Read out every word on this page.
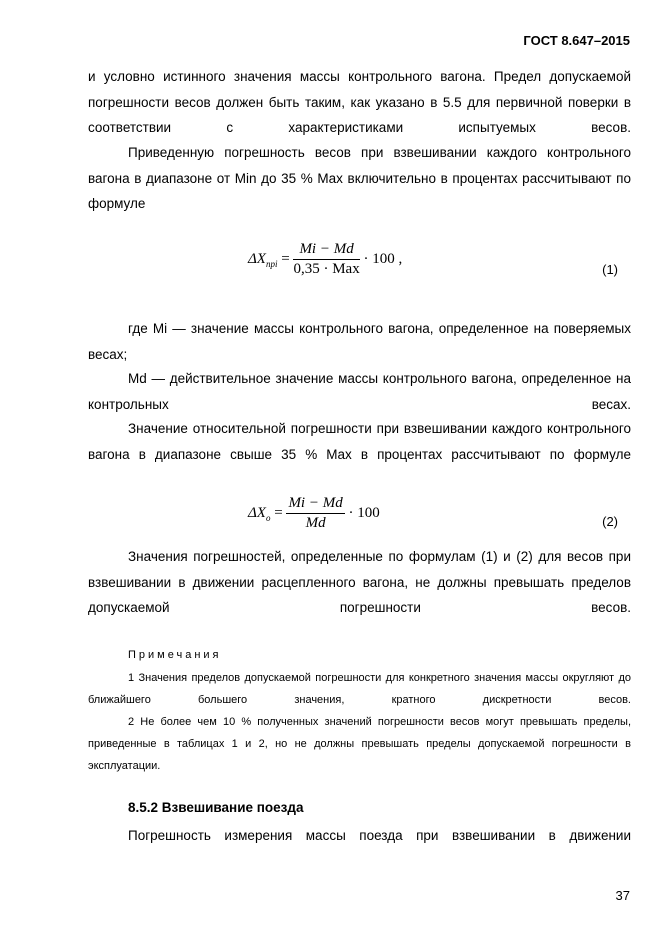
ГОСТ 8.647–2015
и условно истинного значения массы контрольного вагона. Предел допускаемой погрешности весов должен быть таким, как указано в 5.5 для первичной поверки в соответствии с характеристиками испытуемых весов.
Приведенную погрешность весов при взвешивании каждого контрольного вагона в диапазоне от Min до 35 % Max включительно в процентах рассчитывают по формуле
$\Delta X_{пpi} = \frac{Mi - Md}{\text{0,35 · Max}} \cdot 100$ ,
(1)
где Mi — значение массы контрольного вагона, определенное на поверяемых весах;
Md — действительное значение массы контрольного вагона, определенное на контрольных весах.
Значение относительной погрешности при взвешивании каждого контрольного вагона в диапазоне свыше 35 % Max в процентах рассчитывают по формуле
$\Delta X_o = \frac{Mi - Md}{Md} \cdot 100$
(2)
Значения погрешностей, определенные по формулам (1) и (2) для весов при взвешивании в движении расцепленного вагона, не должны превышать пределов допускаемой погрешности весов.
Примечания
1 Значения пределов допускаемой погрешности для конкретного значения массы округляют до ближайшего большего значения, кратного дискретности весов.
2 Не более чем 10 % полученных значений погрешности весов могут превышать пределы, приведенные в таблицах 1 и 2, но не должны превышать пределы допускаемой погрешности в эксплуатации.
8.5.2 Взвешивание поезда
Погрешность измерения массы поезда при взвешивании в движении
37
